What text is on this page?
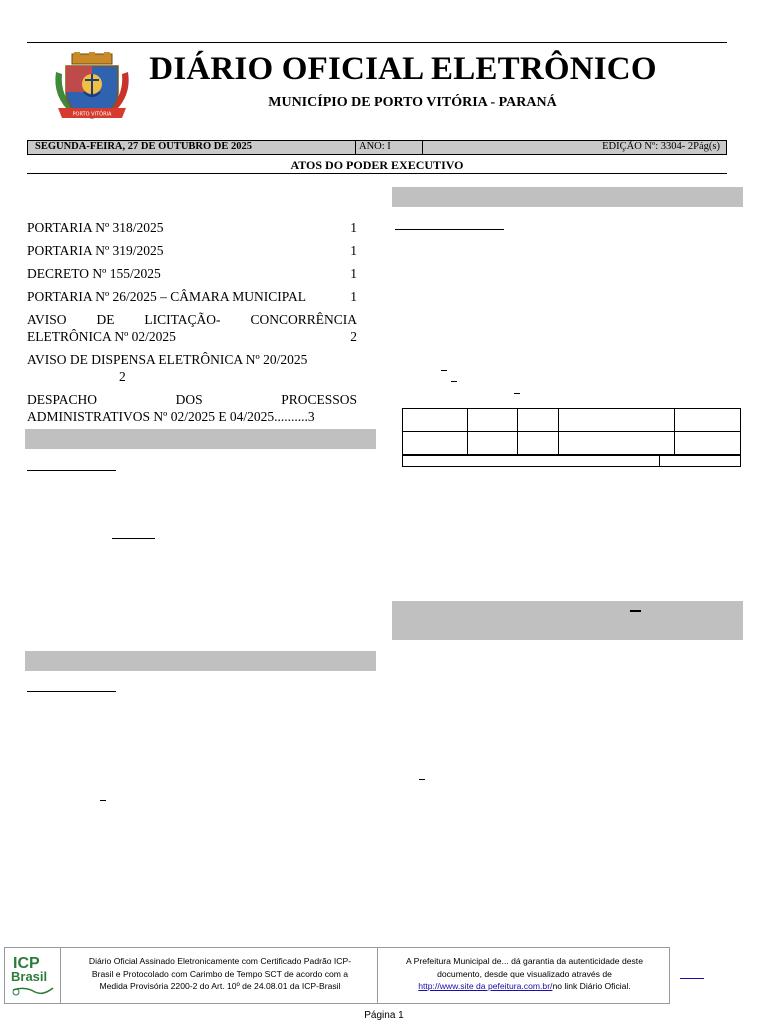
PORTO VITÓRIA
DIÁRIO OFICIAL ELETRÔNICO
MUNICÍPIO DE PORTO VITÓRIA - PARANÁ
SEGUNDA-FEIRA, 27 DE OUTUBRO DE 2025	ANO: I	EDIÇÃO Nº: 3304- 2Pág(s)
ATOS DO PODER EXECUTIVO
PORTARIA Nº 318/2025	1
PORTARIA Nº 319/2025	1
DECRETO Nº 155/2025	1
PORTARIA Nº 26/2025 – CÂMARA MUNICIPAL	1
AVISO DE LICITAÇÃO- CONCORRÊNCIA
ELETRÔNICA Nº 02/2025	2
AVISO DE DISPENSA ELETRÔNICA Nº 20/2025
2
DESPACHO	DOS	PROCESSOS
ADMINISTRATIVOS Nº 02/2025 E 04/2025..........3

ICP
Brasil
Diário Oficial Assinado Eletronicamente com Certificado Padrão ICP-
Brasil e Protocolado com Carimbo de Tempo SCT de acordo com a
Medida Provisória 2200-2 do Art. 10º de 24.08.01 da ICP-Brasil
A Prefeitura Municipal de... dá garantia da autenticidade deste
documento, desde que visualizado através de
http://www.site da pefeitura.com.br/no link Diário Oficial.
Página 1
